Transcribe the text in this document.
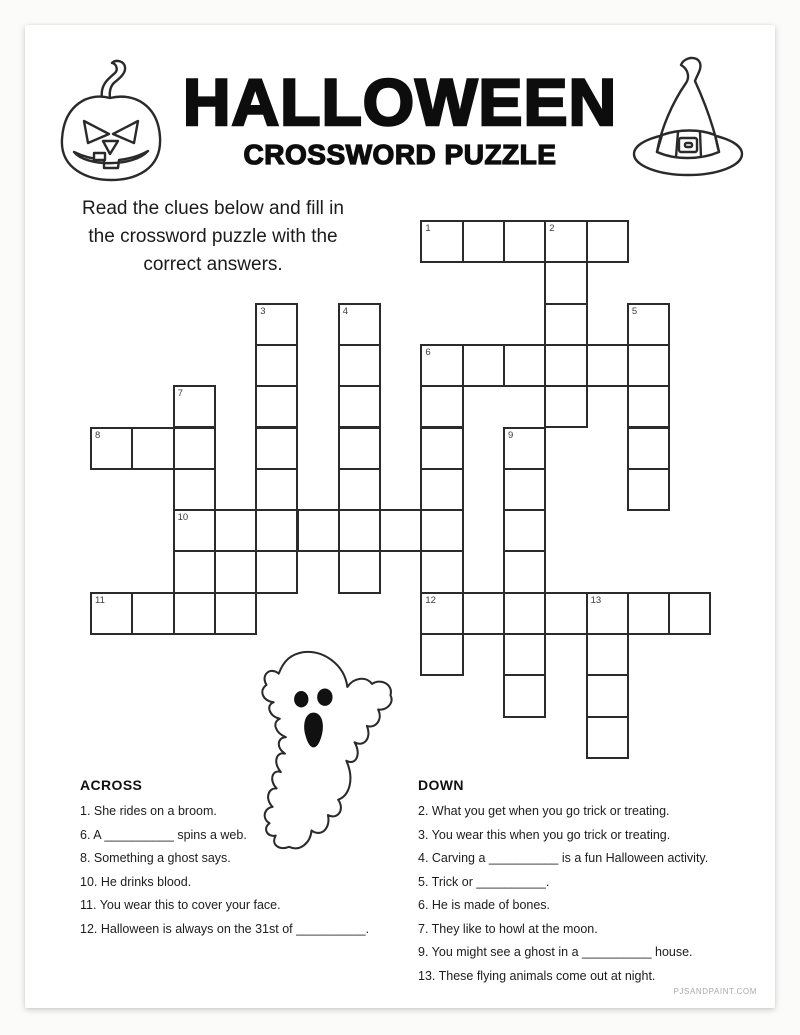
HALLOWEEN
CROSSWORD PUZZLE
Read the clues below and fill in
the crossword puzzle with the
correct answers.
1	2
3	4	5
6
12
7
10
8	9
11	13
ACROSS
1. She rides on a broom.
6. A __________ spins a web.
8. Something a ghost says.
10. He drinks blood.
11. You wear this to cover your face.
12. Halloween is always on the 31st of __________.
DOWN
2. What you get when you go trick or treating.
3. You wear this when you go trick or treating.
4. Carving a __________ is a fun Halloween activity.
5. Trick or __________.
6. He is made of bones.
7. They like to howl at the moon.
9. You might see a ghost in a __________ house.
13. These flying animals come out at night.
PJSANDPAINT.COM
